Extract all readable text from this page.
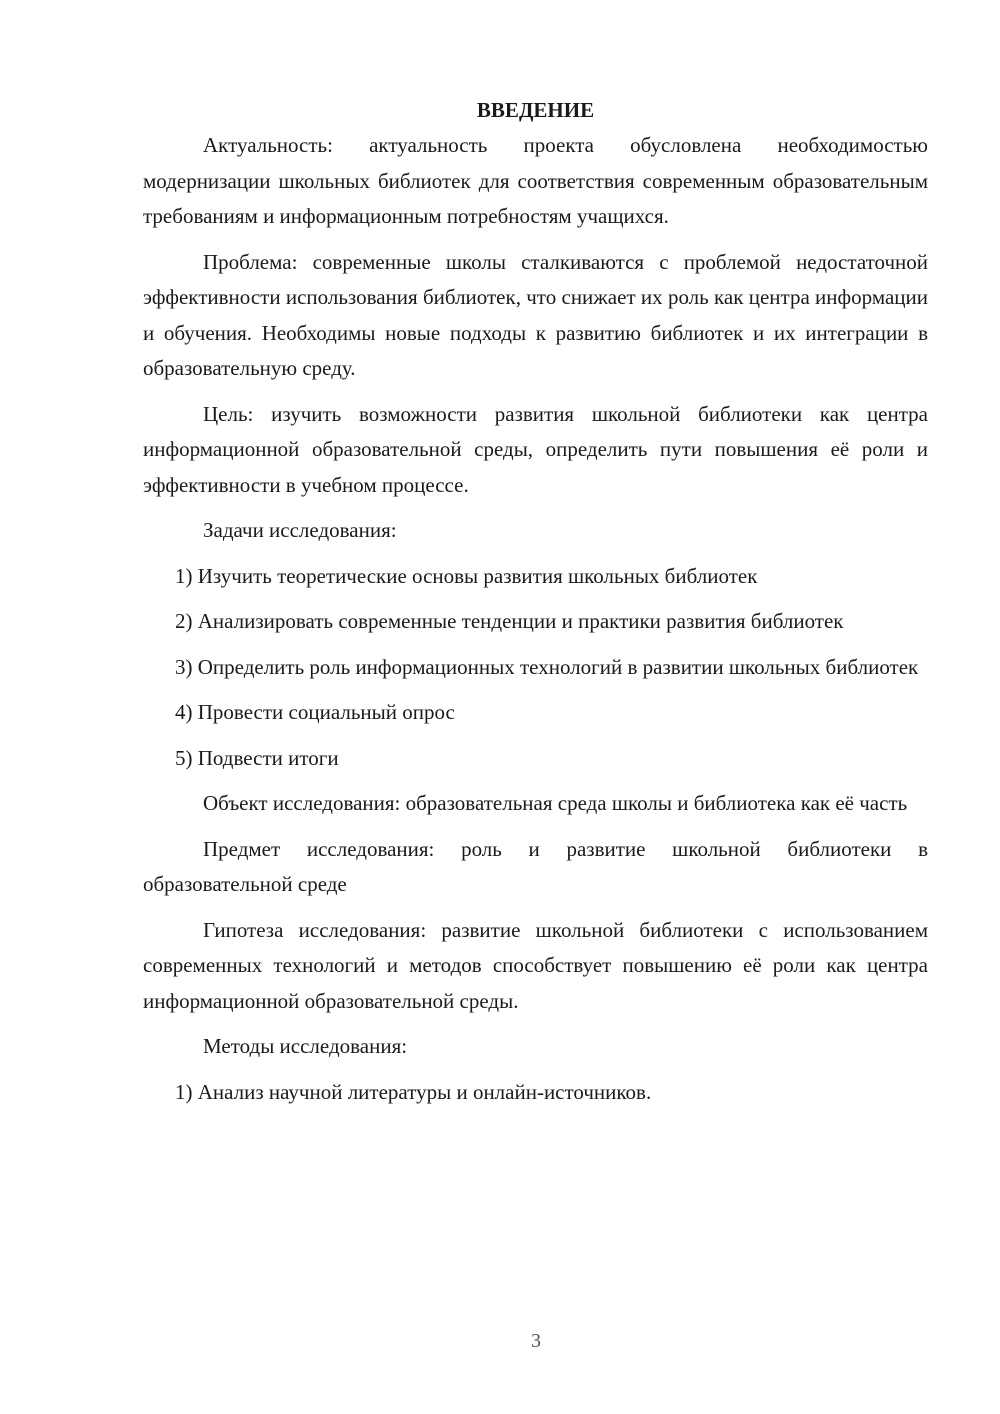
ВВЕДЕНИЕ

Актуальность: актуальность проекта обусловлена необходимостью модернизации школьных библиотек для соответствия современным образовательным требованиям и информационным потребностям учащихся.

Проблема: современные школы сталкиваются с проблемой недостаточной эффективности использования библиотек, что снижает их роль как центра информации и обучения. Необходимы новые подходы к развитию библиотек и их интеграции в образовательную среду.

Цель: изучить возможности развития школьной библиотеки как центра информационной образовательной среды, определить пути повышения её роли и эффективности в учебном процессе.

Задачи исследования:

1) Изучить теоретические основы развития школьных библиотек

2) Анализировать современные тенденции и практики развития библиотек

3) Определить роль информационных технологий в развитии школьных библиотек

4) Провести социальный опрос

5) Подвести итоги

Объект исследования: образовательная среда школы и библиотека как её часть

Предмет исследования: роль и развитие школьной библиотеки в образовательной среде

Гипотеза исследования: развитие школьной библиотеки с использованием современных технологий и методов способствует повышению её роли как центра информационной образовательной среды.

Методы исследования:

1) Анализ научной литературы и онлайн-источников.

3
